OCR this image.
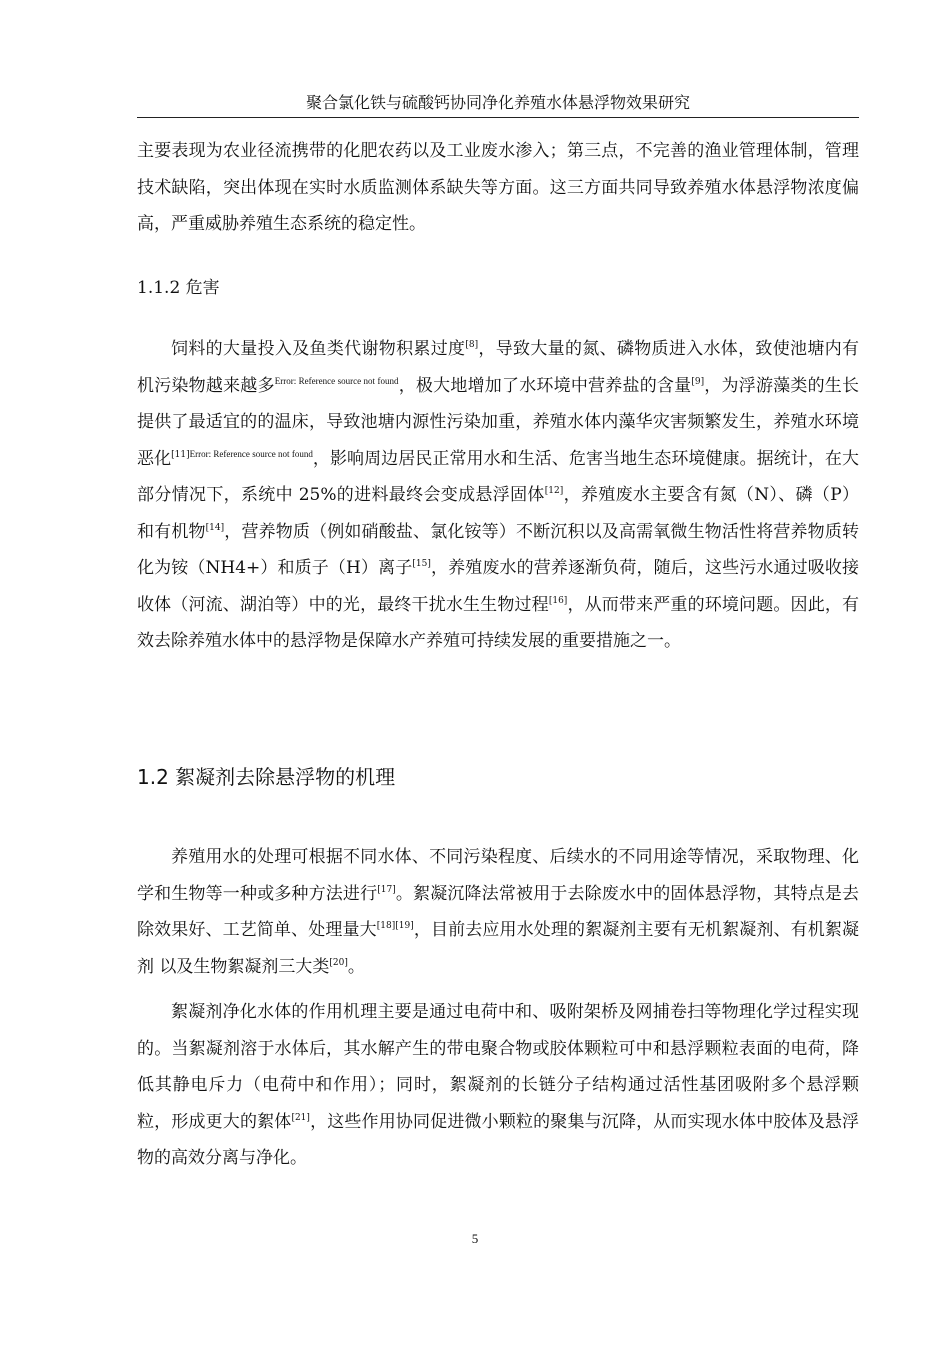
聚合氯化铁与硫酸钙协同净化养殖水体悬浮物效果研究

主要表现为农业径流携带的化肥农药以及工业废水渗入；第三点，不完善的渔业管理体制，管理技术缺陷，突出体现在实时水质监测体系缺失等方面。这三方面共同导致养殖水体悬浮物浓度偏高，严重威胁养殖生态系统的稳定性。

1.1.2 危害

饲料的大量投入及鱼类代谢物积累过度[8]，导致大量的氮、磷物质进入水体，致使池塘内有机污染物越来越多$^{Error: Reference source not found}$，极大地增加了水环境中营养盐的含量[9]，为浮游藻类的生长提供了最适宜的的温床，导致池塘内源性污染加重，养殖水体内藻华灾害频繁发生，养殖水环境恶化$^{[11]Error: Reference source not found}$，影响周边居民正常用水和生活、危害当地生态环境健康。据统计，在大部分情况下，系统中 25%的进料最终会变成悬浮固体[12]，养殖废水主要含有氮（N）、磷（P）和有机物[14]，营养物质（例如硝酸盐、氯化铵等）不断沉积以及高需氧微生物活性将营养物质转化为铵（NH4+）和质子（H）离子[15]，养殖废水的营养逐渐负荷，随后，这些污水通过吸收接收体（河流、湖泊等）中的光，最终干扰水生生物过程[16]，从而带来严重的环境问题。因此，有效去除养殖水体中的悬浮物是保障水产养殖可持续发展的重要措施之一。

1.2 絮凝剂去除悬浮物的机理

养殖用水的处理可根据不同水体、不同污染程度、后续水的不同用途等情况，采取物理、化学和生物等一种或多种方法进行[17]。絮凝沉降法常被用于去除废水中的固体悬浮物，其特点是去除效果好、工艺简单、处理量大[18][19]，目前去应用水处理的絮凝剂主要有无机絮凝剂、有机絮凝剂 以及生物絮凝剂三大类[20]。

絮凝剂净化水体的作用机理主要是通过电荷中和、吸附架桥及网捕卷扫等物理化学过程实现的。当絮凝剂溶于水体后，其水解产生的带电聚合物或胶体颗粒可中和悬浮颗粒表面的电荷，降低其静电斥力（电荷中和作用）；同时，絮凝剂的长链分子结构通过活性基团吸附多个悬浮颗粒，形成更大的絮体[21]，这些作用协同促进微小颗粒的聚集与沉降，从而实现水体中胶体及悬浮物的高效分离与净化。

5
